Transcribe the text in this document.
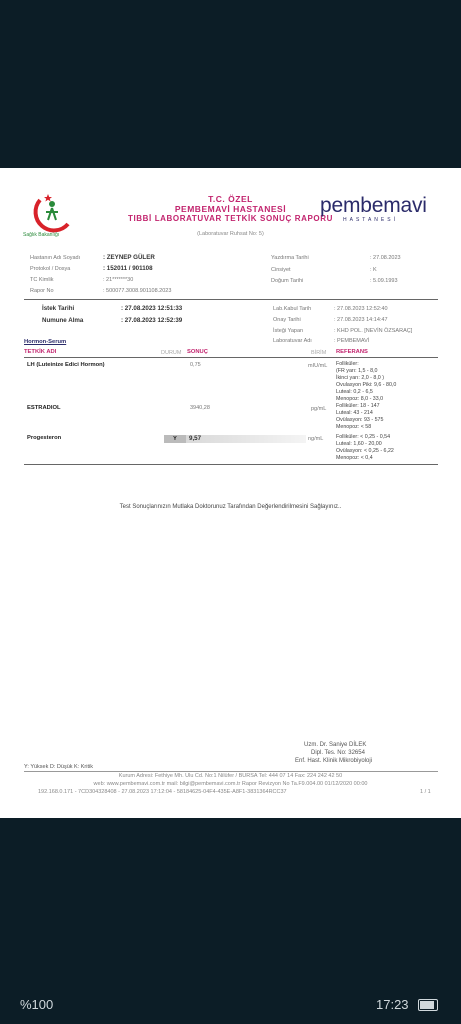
Sağlık Bakanlığı
T.C. ÖZEL
PEMBEMAVİ HASTANESİ
TIBBİ LABORATUVAR TETKİK SONUÇ RAPORU
pembemavi
HASTANESİ
(Laboratuvar Ruhsat No: 5)
Hastanın Adı Soyadı	: ZEYNEP GÜLER
Protokol / Dosya	: 152011 / 901108
TC Kimlik	: 21*******30
Rapor No	: 500077.3008.901108.2023
Yazdırma Tarihi	: 27.08.2023
Cinsiyet	: K
Doğum Tarihi	: 5.09.1993
İstek Tarihi	: 27.08.2023 12:51:33
Numune Alma	: 27.08.2023 12:52:39
Lab.Kabul Tarih	: 27.08.2023 12:52:40
Onay Tarihi	: 27.08.2023 14:14:47
İsteği Yapan	: KHD POL. [NEVİN ÖZSARAÇ]
Laboratuvar Adı	: PEMBEMAVİ
Hormon-Serum
TETKİK ADI	DURUM SONUÇ	BİRİM REFERANS
LH (Luteinize Edici Hormon)	0,75	mIU/mL Folliküler:
(FR yarı: 1,5 - 8,0
İkinci yarı: 2,0 - 8,0 )
Ovulasyon Piki: 9,6 - 80,0
Luteal: 0,2 - 6,5
Menopoz: 8,0 - 33,0
ESTRADIOL	3940,28	pg/mL Folliküler: 18 - 147
Luteal: 43 - 214
Ovülasyon: 93 - 575
Menopoz: < 58
Progesteron	Y	9,57	ng/mL Folliküler: < 0,25 - 0,54
Luteal: 1,60 - 20,00
Ovülasyon: < 0,25 - 6,22
Menopoz: < 0,4
Test Sonuçlarınızın Mutlaka Doktorunuz Tarafından Değerlendirilmesini Sağlayınız..
Uzm. Dr. Saniye DİLEK
Dipl. Tes. No: 32654
Enf. Hast. Klinik Mikrobiyoloji
Y: Yüksek D: Düşük K: Kritik
Kurum Adresi: Fethiye Mh. Ulu Cd. No:1 Nilüfer / BURSA Tel: 444 07 14 Fax: 224 242 42 50
web: www.pembemavi.com.tr mail: bilgi@pembemavi.com.tr Rapor Revizyon No Ta.F9.004.00 01/12/2020 00:00
192.168.0.171 - 7CD304328408 - 27.08.2023 17:12:04 - 58184625-04F4-435E-A8F1-3831364RCC37	1 / 1
%100	17:23
